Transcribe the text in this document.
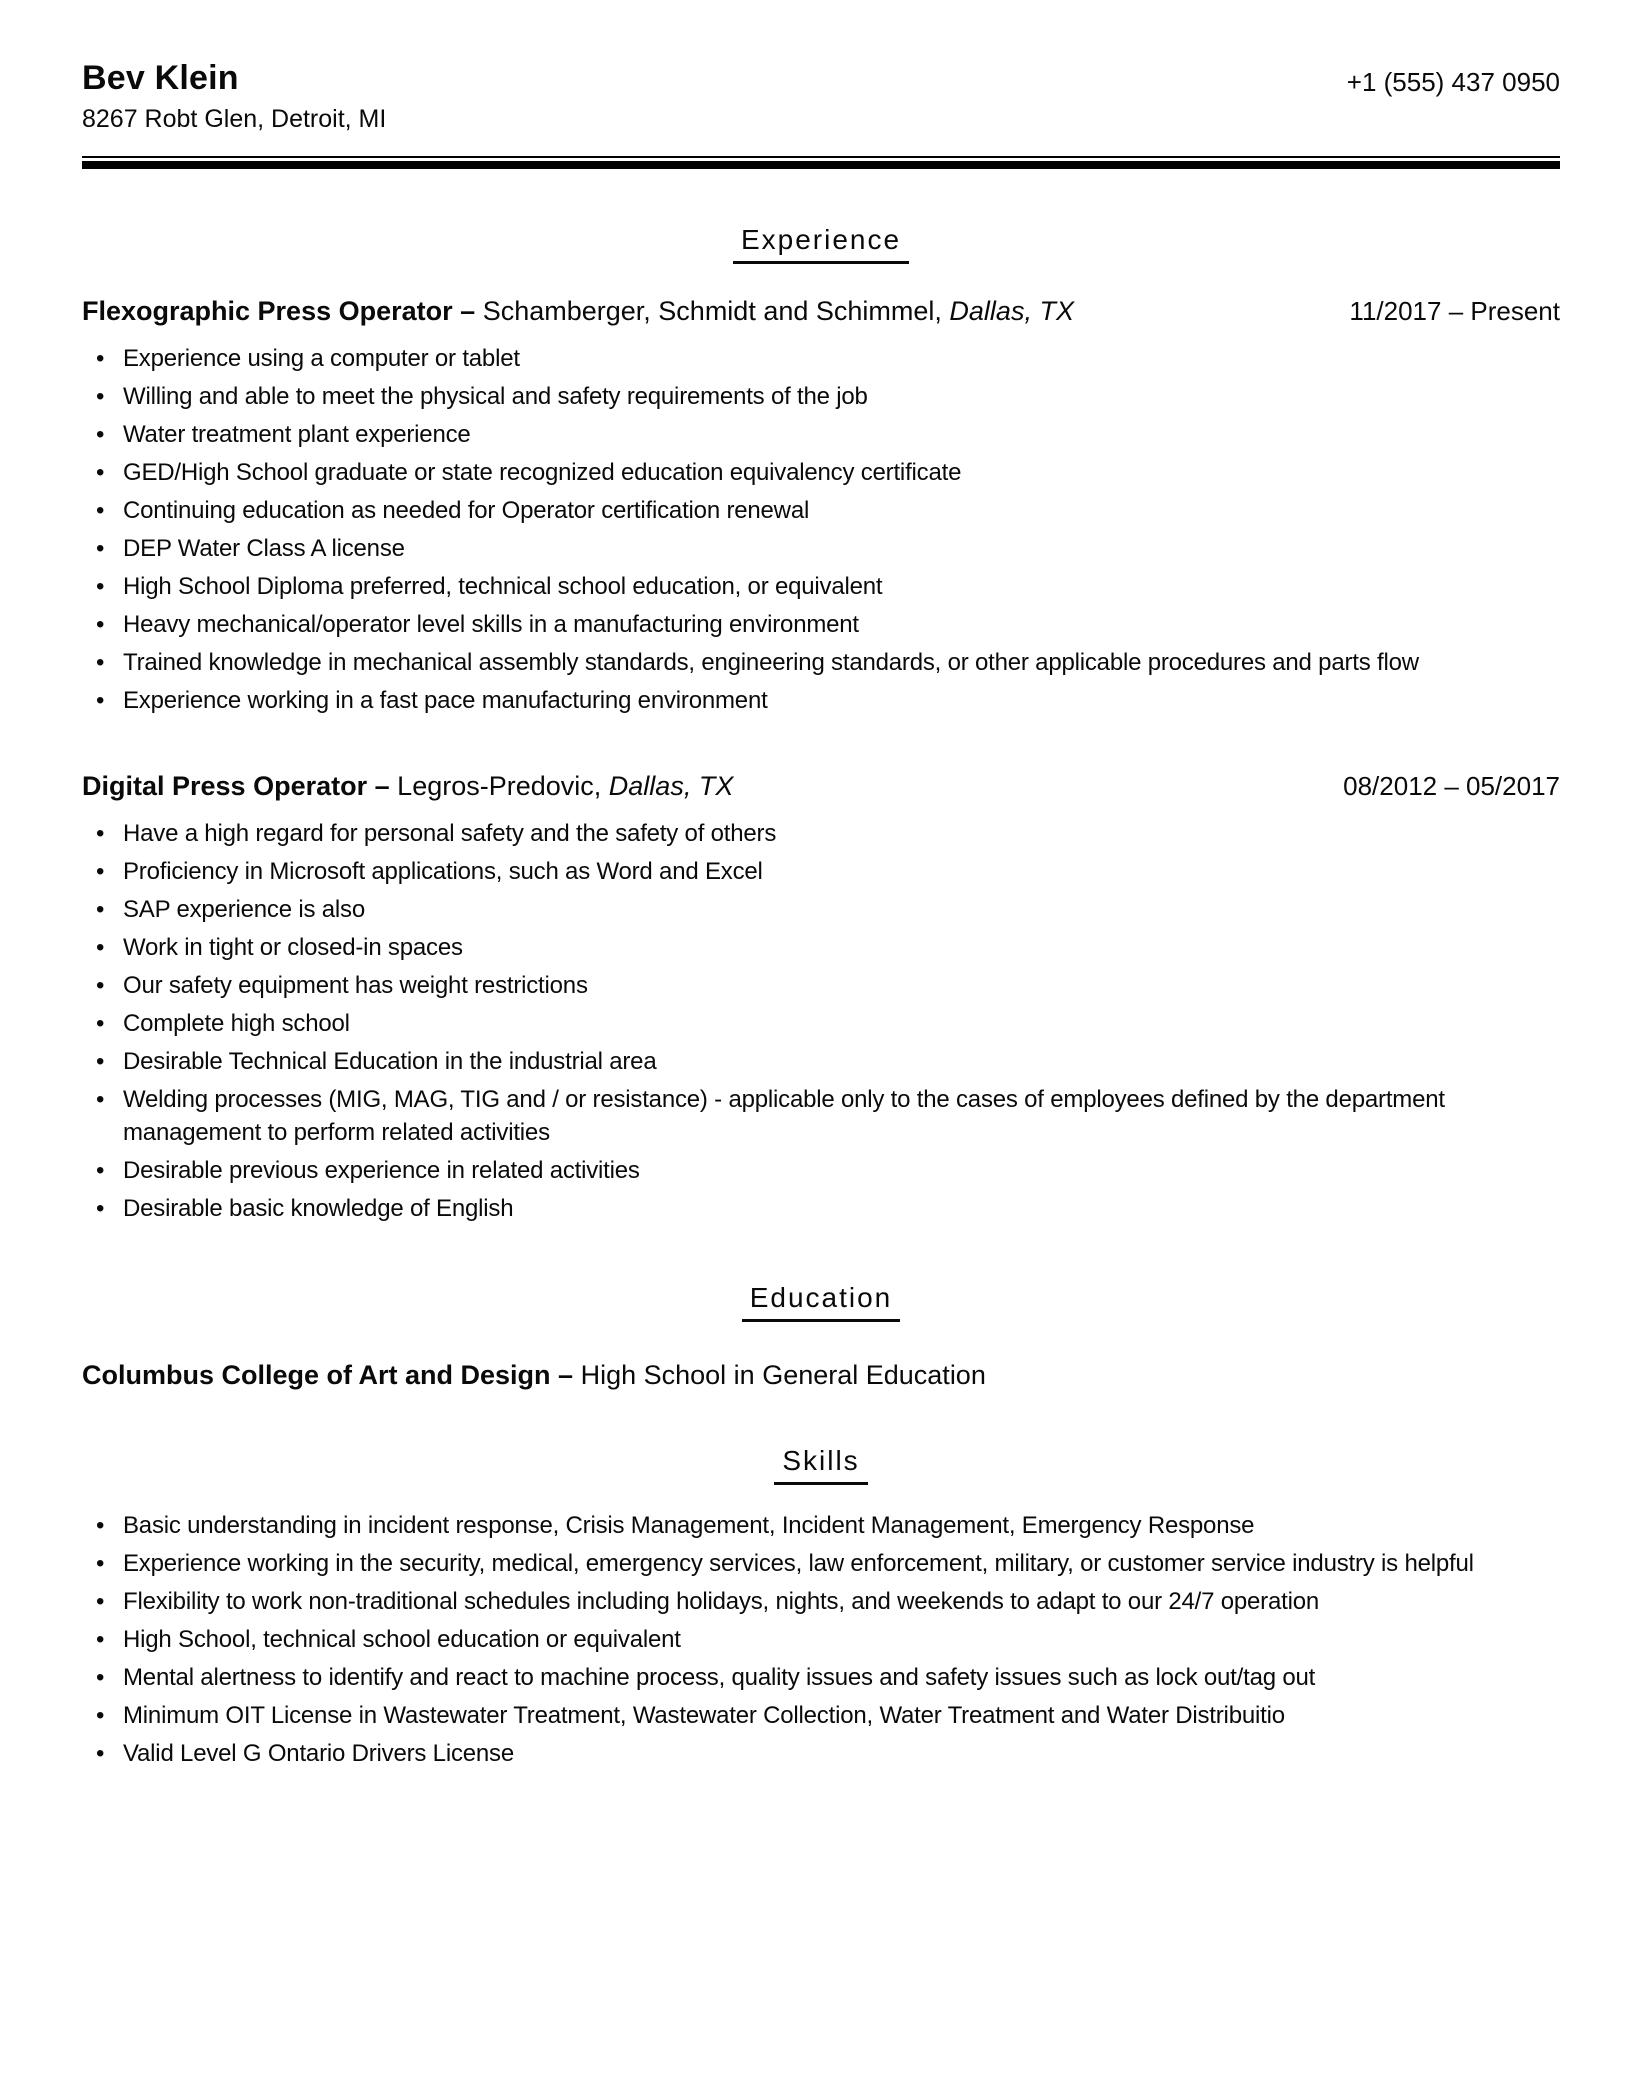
Bev Klein
8267 Robt Glen, Detroit, MI
+1 (555) 437 0950
Experience
Flexographic Press Operator – Schamberger, Schmidt and Schimmel, Dallas, TX	11/2017 – Present
• Experience using a computer or tablet
• Willing and able to meet the physical and safety requirements of the job
• Water treatment plant experience
• GED/High School graduate or state recognized education equivalency certificate
• Continuing education as needed for Operator certification renewal
• DEP Water Class A license
• High School Diploma preferred, technical school education, or equivalent
• Heavy mechanical/operator level skills in a manufacturing environment
• Trained knowledge in mechanical assembly standards, engineering standards, or other applicable procedures and parts flow
• Experience working in a fast pace manufacturing environment
Digital Press Operator – Legros-Predovic, Dallas, TX	08/2012 – 05/2017
• Have a high regard for personal safety and the safety of others
• Proficiency in Microsoft applications, such as Word and Excel
• SAP experience is also
• Work in tight or closed-in spaces
• Our safety equipment has weight restrictions
• Complete high school
• Desirable Technical Education in the industrial area
• Welding processes (MIG, MAG, TIG and / or resistance) - applicable only to the cases of employees defined by the department management to perform related activities
• Desirable previous experience in related activities
• Desirable basic knowledge of English
Education
Columbus College of Art and Design – High School in General Education
Skills
• Basic understanding in incident response, Crisis Management, Incident Management, Emergency Response
• Experience working in the security, medical, emergency services, law enforcement, military, or customer service industry is helpful
• Flexibility to work non-traditional schedules including holidays, nights, and weekends to adapt to our 24/7 operation
• High School, technical school education or equivalent
• Mental alertness to identify and react to machine process, quality issues and safety issues such as lock out/tag out
• Minimum OIT License in Wastewater Treatment, Wastewater Collection, Water Treatment and Water Distribuitio
• Valid Level G Ontario Drivers License
